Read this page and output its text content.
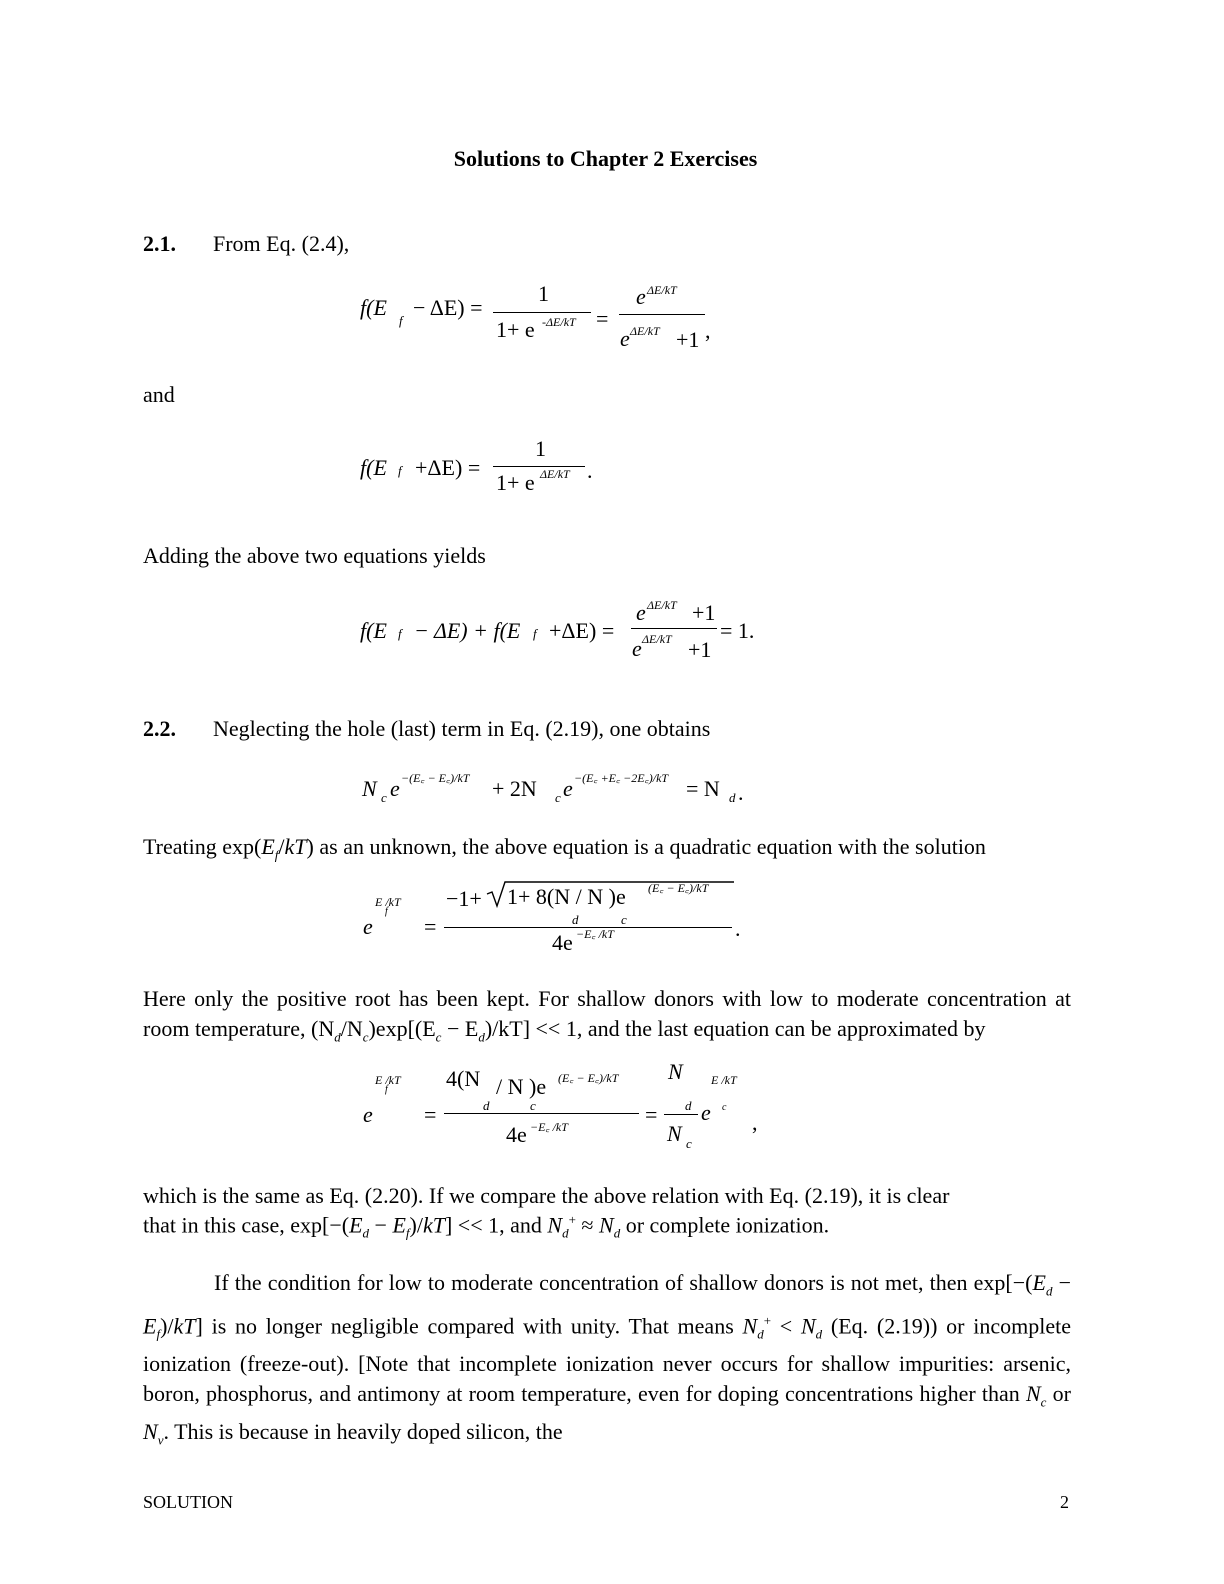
Solutions to Chapter 2 Exercises
2.1. From Eq. (2.4),
f(E
f
− ΔE) =
1
1+ e -ΔE/kT =
e ΔE/kT
e ΔE/kT +1 ,
and
f(E f +ΔE) =
1
1+ e ΔE/kT .
Adding the above two equations yields
f(E f − ΔE) + f(E f +ΔE) =
e ΔE/kT +1
e ΔE/kT +1
= 1.
2.2. Neglecting the hole (last) term in Eq. (2.19), one obtains
N c e −(E꜀ − E꜀)/kT + 2N c e −(E꜀ +E꜀ −2E꜀)/kT = N d .
Treating $\exp(E_f/kT)$ as an unknown, the above equation is a quadratic equation with the solution
E /kT
f
e =
−1+ 1+ 8(N / N )e
d	c
(E꜀ − E꜀)/kT
4e −E꜀ /kT	.
Here only the positive root has been kept. For shallow donors with low to moderate concentration at room temperature, $(N_d/N_c)\exp[(E_c - E_d)/kT] << 1$, and the last equation can be approximated by
E /kT
f
e =
4(N / N )e
d	c
(E꜀ − E꜀)/kT
4e −E꜀ /kT	=
N
d
N c
e
E /kT
c
,
which is the same as Eq. (2.20). If we compare the above relation with Eq. (2.19), it is clear
that in this case, $\exp[-(E_d - E_f)/kT] << 1$, and $N_d^+ \approx N_d$ or complete ionization.
If the condition for low to moderate concentration of shallow donors is not met, then $\exp[-(E_d - E_f)/kT]$ is no longer negligible compared with unity. That means $N_d^+ < N_d$ (Eq. (2.19)) or incomplete ionization (freeze-out). [Note that incomplete ionization never occurs for shallow impurities: arsenic, boron, phosphorus, and antimony at room temperature, even for doping concentrations higher than $N_c$ or $N_v$. This is because in heavily doped silicon, the
SOLUTION	2
